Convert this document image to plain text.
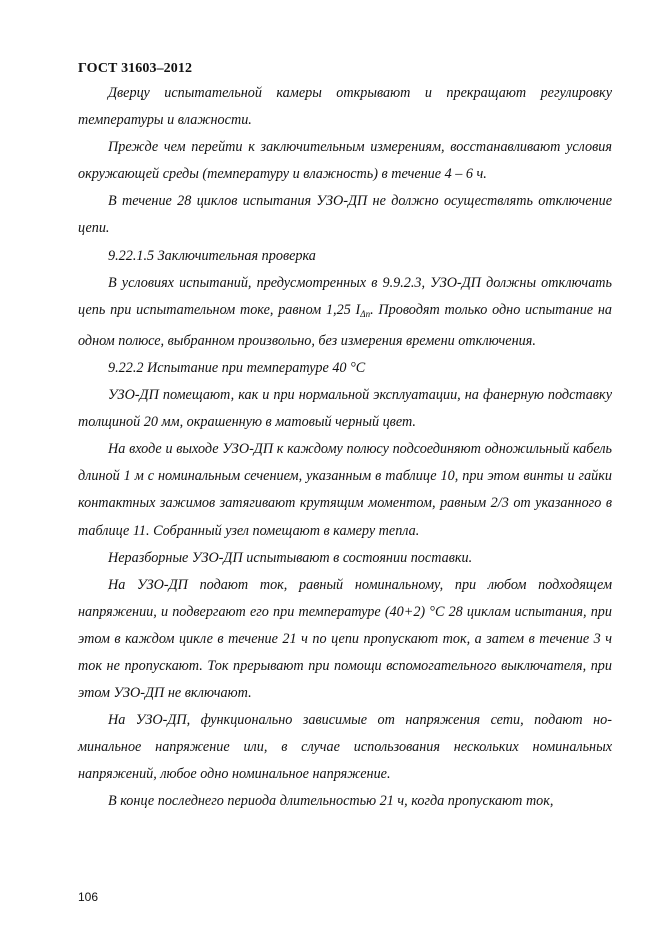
ГОСТ 31603–2012

Дверцу испытательной камеры открывают и прекращают регулировку температуры и влажности.

Прежде чем перейти к заключительным измерениям, восстанавливают условия окружающей среды (температуру и влажность) в течение 4 – 6 ч.

В течение 28 циклов испытания УЗО-ДП не должно осуществлять отключение цепи.

9.22.1.5 Заключительная проверка

В условиях испытаний, предусмотренных в 9.9.2.3, УЗО-ДП должны отключать цепь при испытательном токе, равном 1,25 $I_{\Delta n}$. Проводят только одно испытание на одном полюсе, выбранном произвольно, без измерения времени отключения.

9.22.2 Испытание при температуре 40 °С

УЗО-ДП помещают, как и при нормальной эксплуатации, на фанерную подставку толщиной 20 мм, окрашенную в матовый черный цвет.

На входе и выходе УЗО-ДП к каждому полюсу подсоединяют одножильный кабель длиной 1 м с номинальным сечением, указанным в таблице 10, при этом винты и гайки контактных зажимов затягивают крутящим моментом, равным 2/3 от указанного в таблице 11. Собранный узел помещают в камеру тепла.

Неразборные УЗО-ДП испытывают в состоянии поставки.

На УЗО-ДП подают ток, равный номинальному, при любом подходящем напряжении, и подвергают его при температуре (40+2) °С 28 циклам испытания, при этом в каждом цикле в течение 21 ч по цепи пропускают ток, а затем в течение 3 ч ток не пропускают. Ток прерывают при помощи вспомогательного выключателя, при этом УЗО-ДП не включают.

На УЗО-ДП, функционально зависимые от напряжения сети, подают номинальное напряжение или, в случае использования нескольких номинальных напряжений, любое одно номинальное напряжение.

В конце последнего периода длительностью 21 ч, когда пропускают ток,

106
